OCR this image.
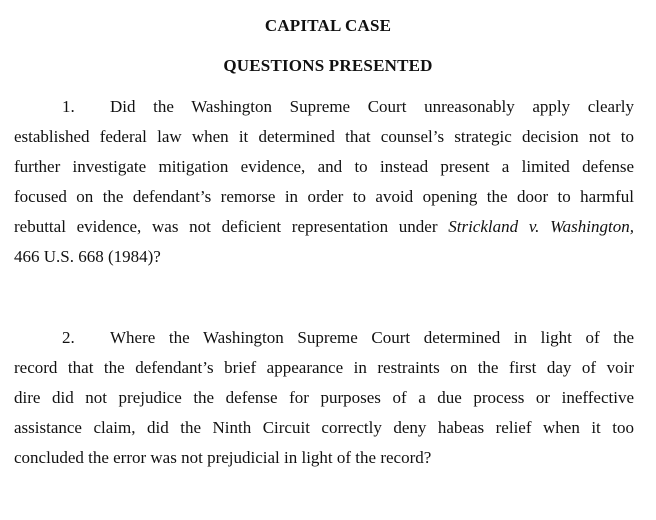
CAPITAL CASE
QUESTIONS PRESENTED
1. Did the Washington Supreme Court unreasonably apply clearly
established federal law when it determined that counsel’s strategic decision not to
further investigate mitigation evidence, and to instead present a limited defense
focused on the defendant’s remorse in order to avoid opening the door to harmful
rebuttal evidence, was not deficient representation under Strickland v. Washington,
466 U.S. 668 (1984)?
2. Where the Washington Supreme Court determined in light of the
record that the defendant’s brief appearance in restraints on the first day of voir
dire did not prejudice the defense for purposes of a due process or ineffective
assistance claim, did the Ninth Circuit correctly deny habeas relief when it too
concluded the error was not prejudicial in light of the record?
